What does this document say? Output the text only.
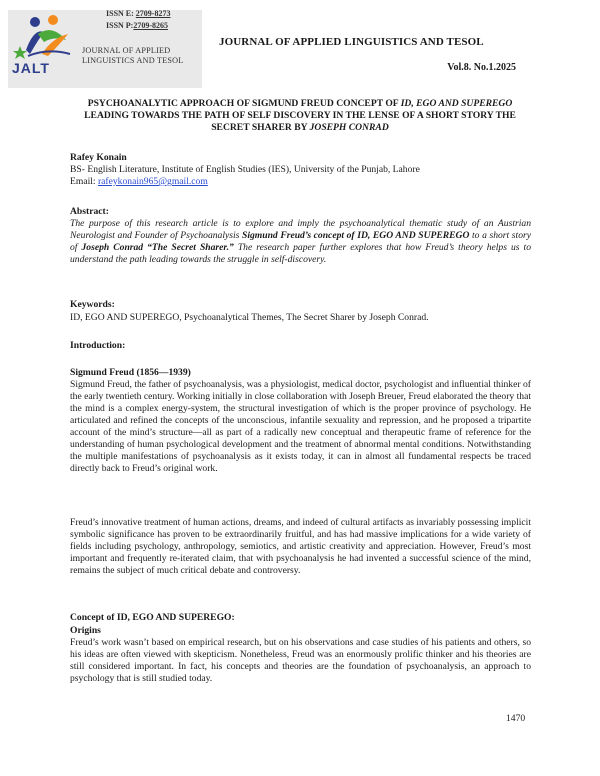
JALT
ISSN E: 2709-8273
ISSN P:2709-8265
JOURNAL OF APPLIED LINGUISTICS AND TESOL
JOURNAL OF APPLIED LINGUISTICS AND TESOL
Vol.8. No.1.2025
PSYCHOANALYTIC APPROACH OF SIGMUND FREUD CONCEPT OF ID, EGO AND SUPEREGO LEADING TOWARDS THE PATH OF SELF DISCOVERY IN THE LENSE OF A SHORT STORY THE SECRET SHARER BY JOSEPH CONRAD
Rafey Konain
BS- English Literature, Institute of English Studies (IES), University of the Punjab, Lahore
Email: rafeykonain965@gmail.com
Abstract:
The purpose of this research article is to explore and imply the psychoanalytical thematic study of an Austrian Neurologist and Founder of Psychoanalysis Sigmund Freud’s concept of ID, EGO AND SUPEREGO to a short story of Joseph Conrad “The Secret Sharer.” The research paper further explores that how Freud’s theory helps us to understand the path leading towards the struggle in self-discovery.
Keywords:
ID, EGO AND SUPEREGO, Psychoanalytical Themes, The Secret Sharer by Joseph Conrad.
Introduction:
Sigmund Freud (1856—1939)
Sigmund Freud, the father of psychoanalysis, was a physiologist, medical doctor, psychologist and influential thinker of the early twentieth century. Working initially in close collaboration with Joseph Breuer, Freud elaborated the theory that the mind is a complex energy-system, the structural investigation of which is the proper province of psychology. He articulated and refined the concepts of the unconscious, infantile sexuality and repression, and he proposed a tripartite account of the mind’s structure—all as part of a radically new conceptual and therapeutic frame of reference for the understanding of human psychological development and the treatment of abnormal mental conditions. Notwithstanding the multiple manifestations of psychoanalysis as it exists today, it can in almost all fundamental respects be traced directly back to Freud’s original work.
Freud’s innovative treatment of human actions, dreams, and indeed of cultural artifacts as invariably possessing implicit symbolic significance has proven to be extraordinarily fruitful, and has had massive implications for a wide variety of fields including psychology, anthropology, semiotics, and artistic creativity and appreciation. However, Freud’s most important and frequently re-iterated claim, that with psychoanalysis he had invented a successful science of the mind, remains the subject of much critical debate and controversy.
Concept of ID, EGO AND SUPEREGO:
Origins
Freud’s work wasn’t based on empirical research, but on his observations and case studies of his patients and others, so his ideas are often viewed with skepticism. Nonetheless, Freud was an enormously prolific thinker and his theories are still considered important. In fact, his concepts and theories are the foundation of psychoanalysis, an approach to psychology that is still studied today.
1470
